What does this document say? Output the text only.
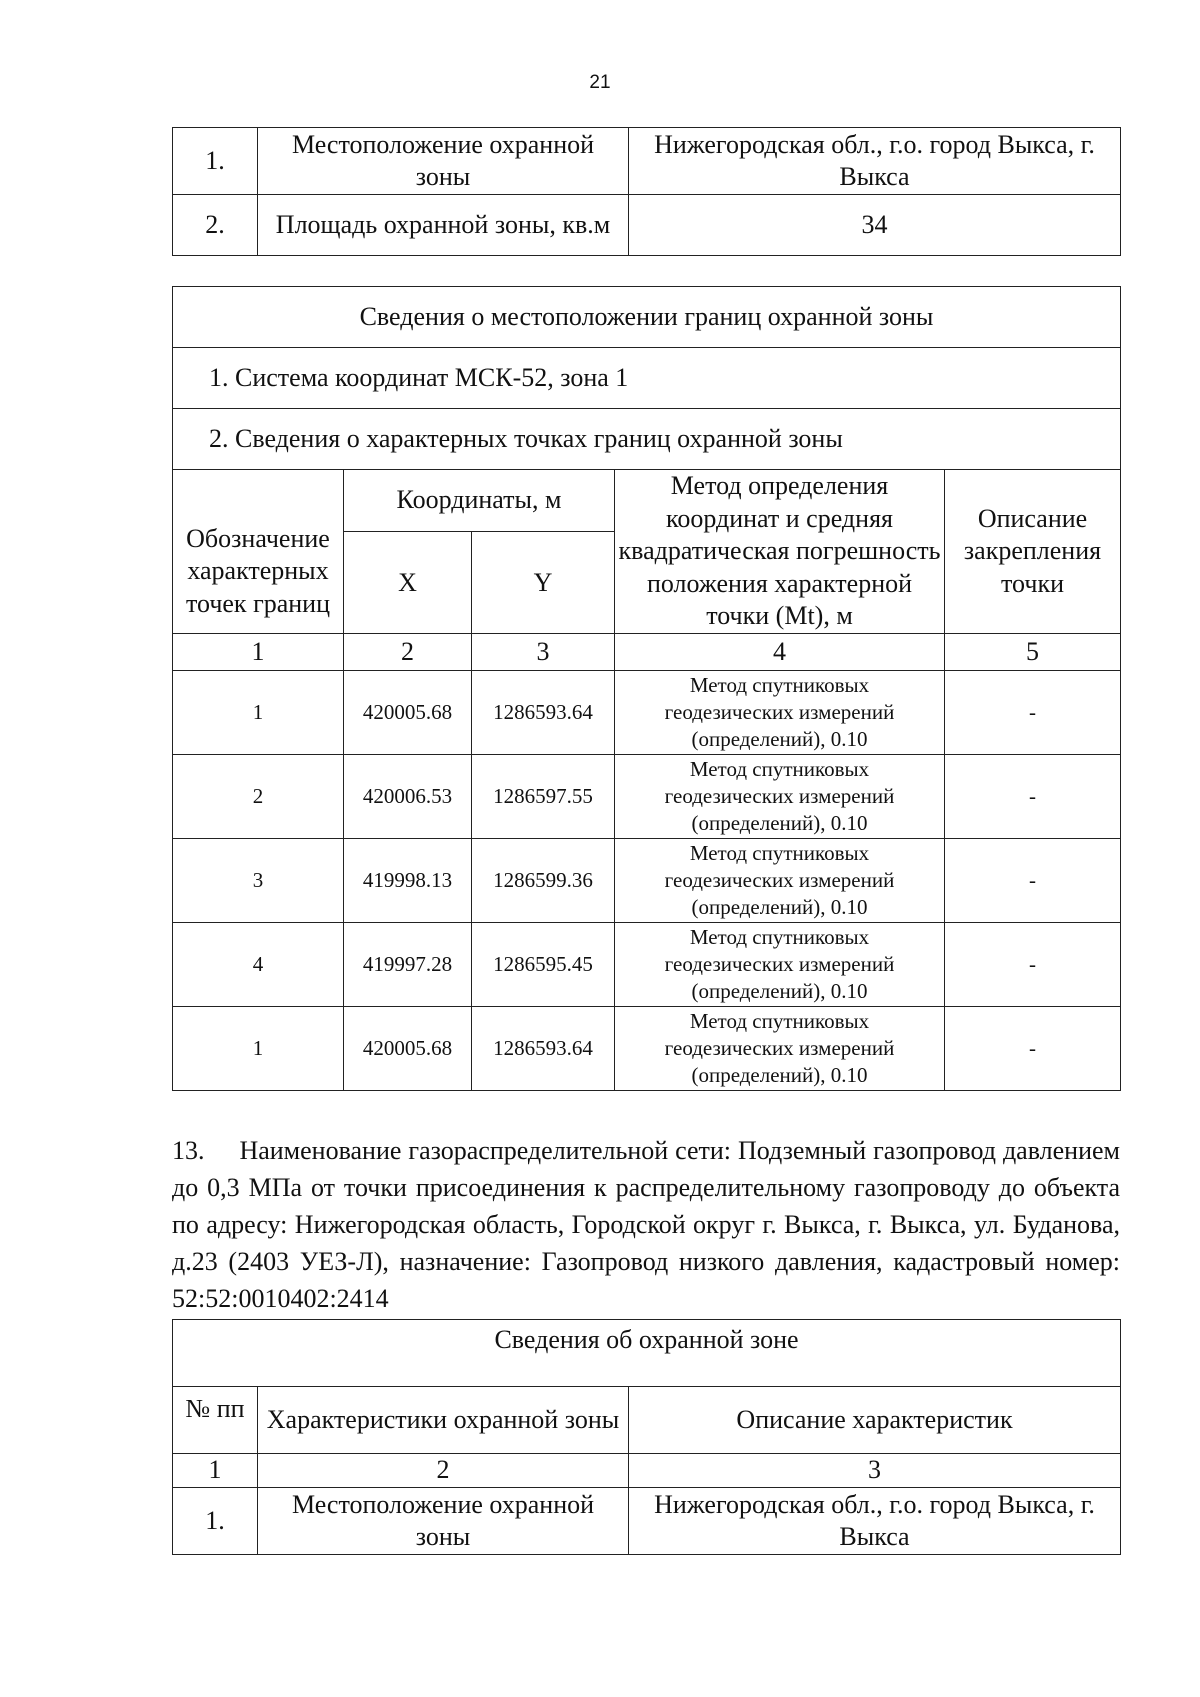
21
1.	Местоположение охранной зоны	Нижегородская обл., г.о. город Выкса, г. Выкса
2.	Площадь охранной зоны, кв.м	34
Сведения о местоположении границ охранной зоны				
1. Система координат МСК-52, зона 1				
2. Сведения о характерных точках границ охранной зоны				
Обозначение характерных точек границ	Координаты, м		Метод определения координат и средняя квадратическая погрешность положения характерной точки (Mt), м	Описание закрепления точки
	X	Y		
1	2	3	4	5
1	420005.68	1286593.64	Метод спутниковых геодезических измерений (определений), 0.10	-
2	420006.53	1286597.55	Метод спутниковых геодезических измерений (определений), 0.10	-
3	419998.13	1286599.36	Метод спутниковых геодезических измерений (определений), 0.10	-
4	419997.28	1286595.45	Метод спутниковых геодезических измерений (определений), 0.10	-
1	420005.68	1286593.64	Метод спутниковых геодезических измерений (определений), 0.10	-
13.     Наименование газораспределительной сети: Подземный газопровод давлением до 0,3 МПа от точки присоединения к распределительному газопроводу до объекта по адресу: Нижегородская область, Городской округ г. Выкса, г. Выкса, ул. Буданова, д.23 (2403 УЕЗ-Л), назначение: Газопровод низкого давления, кадастровый номер: 52:52:0010402:2414
Сведения об охранной зоне		
№ пп	Характеристики охранной зоны	Описание характеристик
1	2	3
1.	Местоположение охранной зоны	Нижегородская обл., г.о. город Выкса, г. Выкса
